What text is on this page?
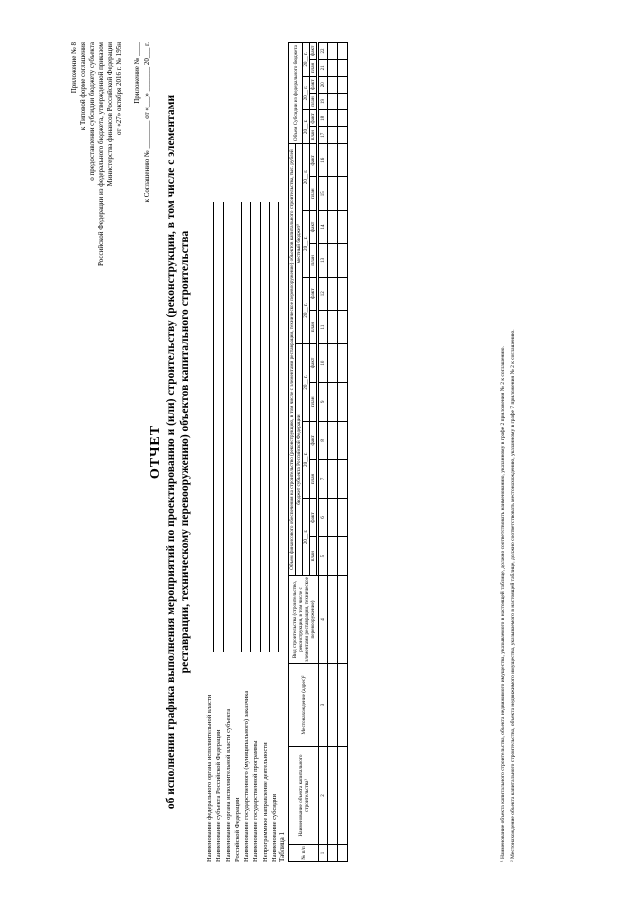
Приложение № 8 к Типовой форме соглашения о предоставлении субсидии бюджету субъекта Российской Федерации из федерального бюджета, утвержденной приказом Министерства финансов Российской Федерации от «27» октября 2016 г. № 195н Приложение № ____ к Соглашению № ________ от «___» _______ 20___ г.
ОТЧЕТ об исполнении графика выполнения мероприятий по проектированию и (или) строительству (реконструкции, в том числе с элементами реставрации, техническому перевооружению) объектов капитального строительства
Наименование федерального органа исполнительной власти Наименование субъекта Российской Федерации Наименование органа исполнительной власти субъекта Российской Федерации Наименование государственного (муниципального) заказчика Наименование государственной программы Непрограммное направление деятельности Наименование субсидии Таблица 1	№ п/п	Наименование объекта капитального строительства¹	Местонахождение (адрес)²	Вид строительства (строительство, реконструкция, в том числе с элементами реставрации, техническое перевооружение)	Объем финансового обеспечения на строительство (реконструкцию, в том числе с элементами реставрации, техническое перевооружение) объектов капитального строительства, тыс. рублей												Объем Субсидии из федерального бюджета					
				бюджет субъекта Российской Федерации						местный бюджет³											
				20__ г.		20__ г.		20__ г.		20__ г.		20__ г.		20__ г.		20__ г.		20__ г.		20__ г.	
				план	факт	план	факт	план	факт	план	факт	план	факт	план	факт	план	факт	план	факт	план	факт

1	2	3	4	5	6	7	8	9	10	11	12	13	14	15	16	17	18	19	20	21	22

¹ Наименование объекта капитального строительства, объекта недвижимого имущества, указываемого в настоящей таблице, должно соответствовать наименованию, указанному в графе 2 приложения № 2 к соглашению. ² Местонахождение объекта капитального строительства, объекта недвижимого имущества, указываемого в настоящей таблице, должно соответствовать местонахождению, указанному в графе 7 приложения № 2 к соглашению.
